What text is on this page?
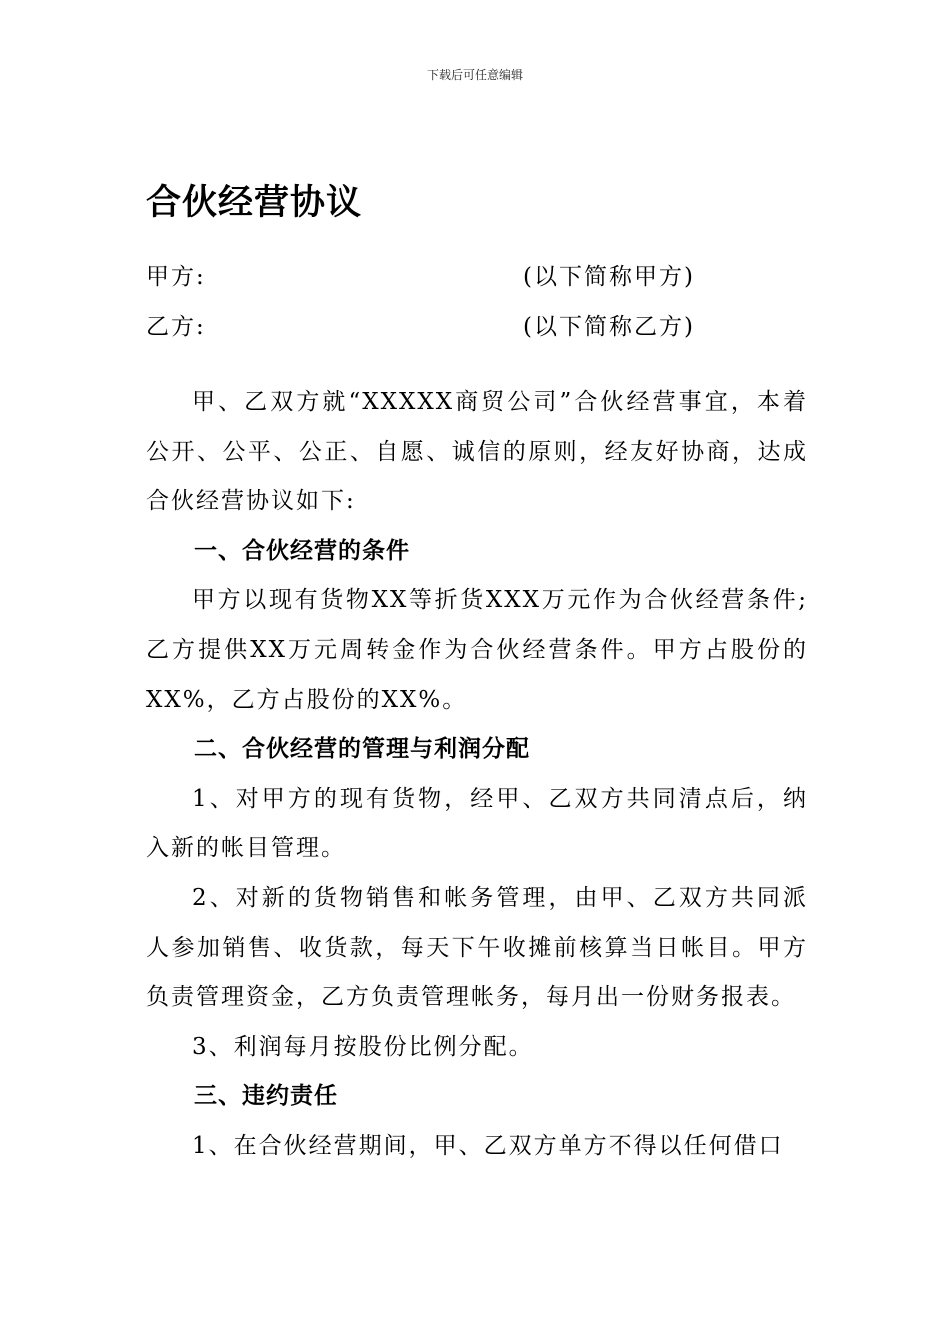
下载后可任意编辑
合伙经营协议
甲方:	(以下简称甲方)
乙方:	(以下简称乙方)

甲、乙双方就“XXXXX商贸公司”合伙经营事宜，本着公开、公平、公正、自愿、诚信的原则，经友好协商，达成合伙经营协议如下:

一、合伙经营的条件

甲方以现有货物XX等折货XXX万元作为合伙经营条件;乙方提供XX万元周转金作为合伙经营条件。甲方占股份的XX%，乙方占股份的XX%。

二、合伙经营的管理与利润分配

1、对甲方的现有货物，经甲、乙双方共同清点后，纳入新的帐目管理。

2、对新的货物销售和帐务管理，由甲、乙双方共同派人参加销售、收货款，每天下午收摊前核算当日帐目。甲方负责管理资金，乙方负责管理帐务，每月出一份财务报表。

3、利润每月按股份比例分配。

三、违约责任

1、在合伙经营期间，甲、乙双方单方不得以任何借口
